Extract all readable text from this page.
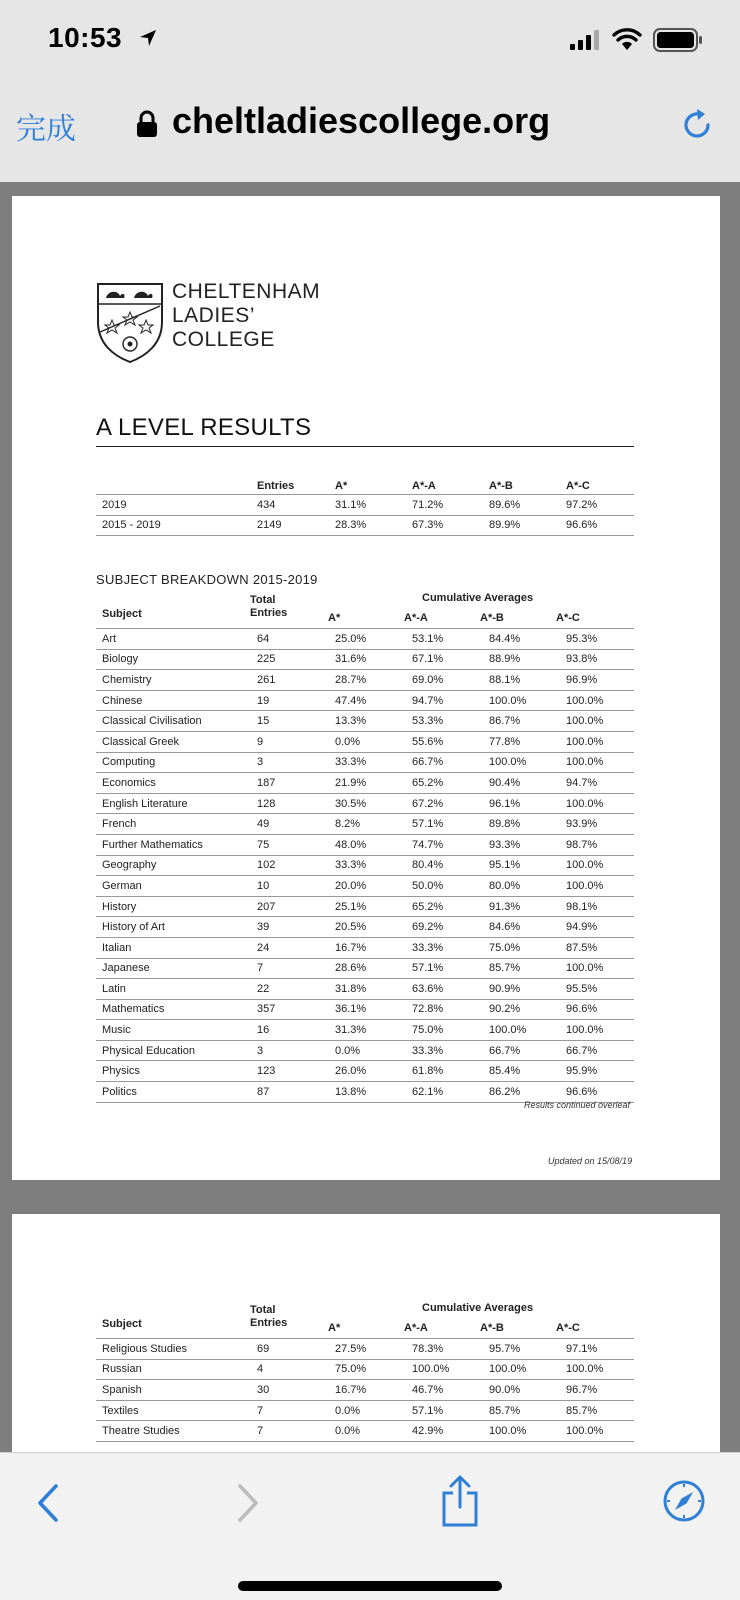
10:53
完成	cheltladiescollege.org
CHELTENHAM
LADIES’
COLLEGE
A LEVEL RESULTS
	Entries	A*	A*-A	A*-B	A*-C
2019	434	31.1%	71.2%	89.6%	97.2%
2015 - 2019	2149	28.3%	67.3%	89.9%	96.6%
SUBJECT BREAKDOWN 2015-2019
Total
Entries
Cumulative Averages
Subject	A*	A*-A	A*-B	A*-C
Art	64	25.0%	53.1%	84.4%	95.3%
Biology	225	31.6%	67.1%	88.9%	93.8%
Chemistry	261	28.7%	69.0%	88.1%	96.9%
Chinese	19	47.4%	94.7%	100.0%	100.0%
Classical Civilisation	15	13.3%	53.3%	86.7%	100.0%
Classical Greek	9	0.0%	55.6%	77.8%	100.0%
Computing	3	33.3%	66.7%	100.0%	100.0%
Economics	187	21.9%	65.2%	90.4%	94.7%
English Literature	128	30.5%	67.2%	96.1%	100.0%
French	49	8.2%	57.1%	89.8%	93.9%
Further Mathematics	75	48.0%	74.7%	93.3%	98.7%
Geography	102	33.3%	80.4%	95.1%	100.0%
German	10	20.0%	50.0%	80.0%	100.0%
History	207	25.1%	65.2%	91.3%	98.1%
History of Art	39	20.5%	69.2%	84.6%	94.9%
Italian	24	16.7%	33.3%	75.0%	87.5%
Japanese	7	28.6%	57.1%	85.7%	100.0%
Latin	22	31.8%	63.6%	90.9%	95.5%
Mathematics	357	36.1%	72.8%	90.2%	96.6%
Music	16	31.3%	75.0%	100.0%	100.0%
Physical Education	3	0.0%	33.3%	66.7%	66.7%
Physics	123	26.0%	61.8%	85.4%	95.9%
Politics	87	13.8%	62.1%	86.2%	96.6%
Results continued overleaf
Updated on 15/08/19
Total
Entries
Cumulative Averages
Subject	A*	A*-A	A*-B	A*-C
Religious Studies	69	27.5%	78.3%	95.7%	97.1%
Russian	4	75.0%	100.0%	100.0%	100.0%
Spanish	30	16.7%	46.7%	90.0%	96.7%
Textiles	7	0.0%	57.1%	85.7%	85.7%
Theatre Studies	7	0.0%	42.9%	100.0%	100.0%
